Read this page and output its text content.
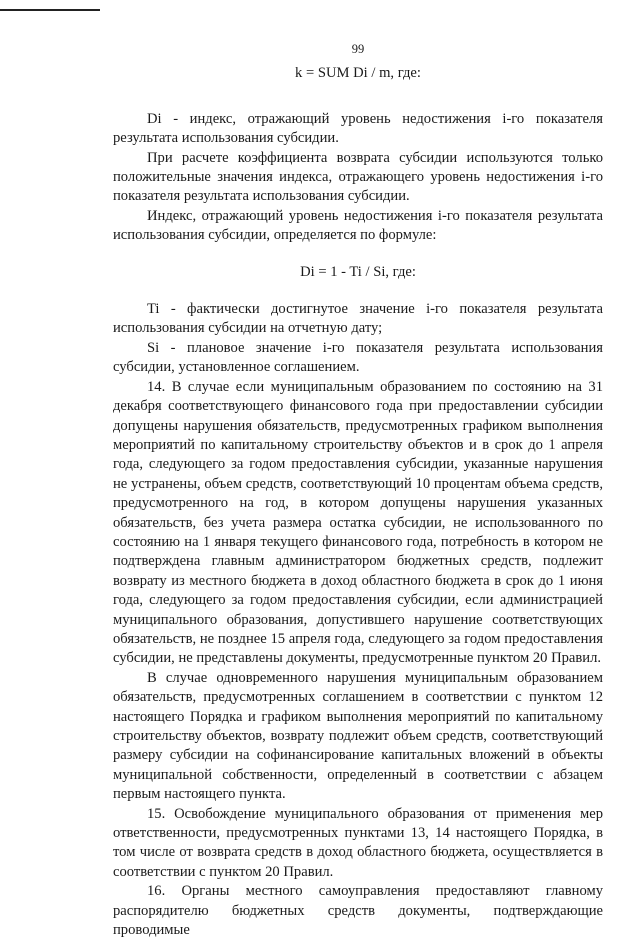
99

k = SUM Di / m, где:

Di - индекс, отражающий уровень недостижения i-го показателя результата использования субсидии.

При расчете коэффициента возврата субсидии используются только положительные значения индекса, отражающего уровень недостижения i-го показателя результата использования субсидии.

Индекс, отражающий уровень недостижения i-го показателя результата использования субсидии, определяется по формуле:

Di = 1 - Ti / Si, где:

Ti - фактически достигнутое значение i-го показателя результата использования субсидии на отчетную дату;

Si - плановое значение i-го показателя результата использования субсидии, установленное соглашением.

14. В случае если муниципальным образованием по состоянию на 31 декабря соответствующего финансового года при предоставлении субсидии допущены нарушения обязательств, предусмотренных графиком выполнения мероприятий по капитальному строительству объектов и в срок до 1 апреля года, следующего за годом предоставления субсидии, указанные нарушения не устранены, объем средств, соответствующий 10 процентам объема средств, предусмотренного на год, в котором допущены нарушения указанных обязательств, без учета размера остатка субсидии, не использованного по состоянию на 1 января текущего финансового года, потребность в котором не подтверждена главным администратором бюджетных средств, подлежит возврату из местного бюджета в доход областного бюджета в срок до 1 июня года, следующего за годом предоставления субсидии, если администрацией муниципального образования, допустившего нарушение соответствующих обязательств, не позднее 15 апреля года, следующего за годом предоставления субсидии, не представлены документы, предусмотренные пунктом 20 Правил.

В случае одновременного нарушения муниципальным образованием обязательств, предусмотренных соглашением в соответствии с пунктом 12 настоящего Порядка и графиком выполнения мероприятий по капитальному строительству объектов, возврату подлежит объем средств, соответствующий размеру субсидии на софинансирование капитальных вложений в объекты муниципальной собственности, определенный в соответствии с абзацем первым настоящего пункта.

15. Освобождение муниципального образования от применения мер ответственности, предусмотренных пунктами 13, 14 настоящего Порядка, в том числе от возврата средств в доход областного бюджета, осуществляется в соответствии с пунктом 20 Правил.

16. Органы местного самоуправления предоставляют главному распорядителю бюджетных средств документы, подтверждающие проводимые
